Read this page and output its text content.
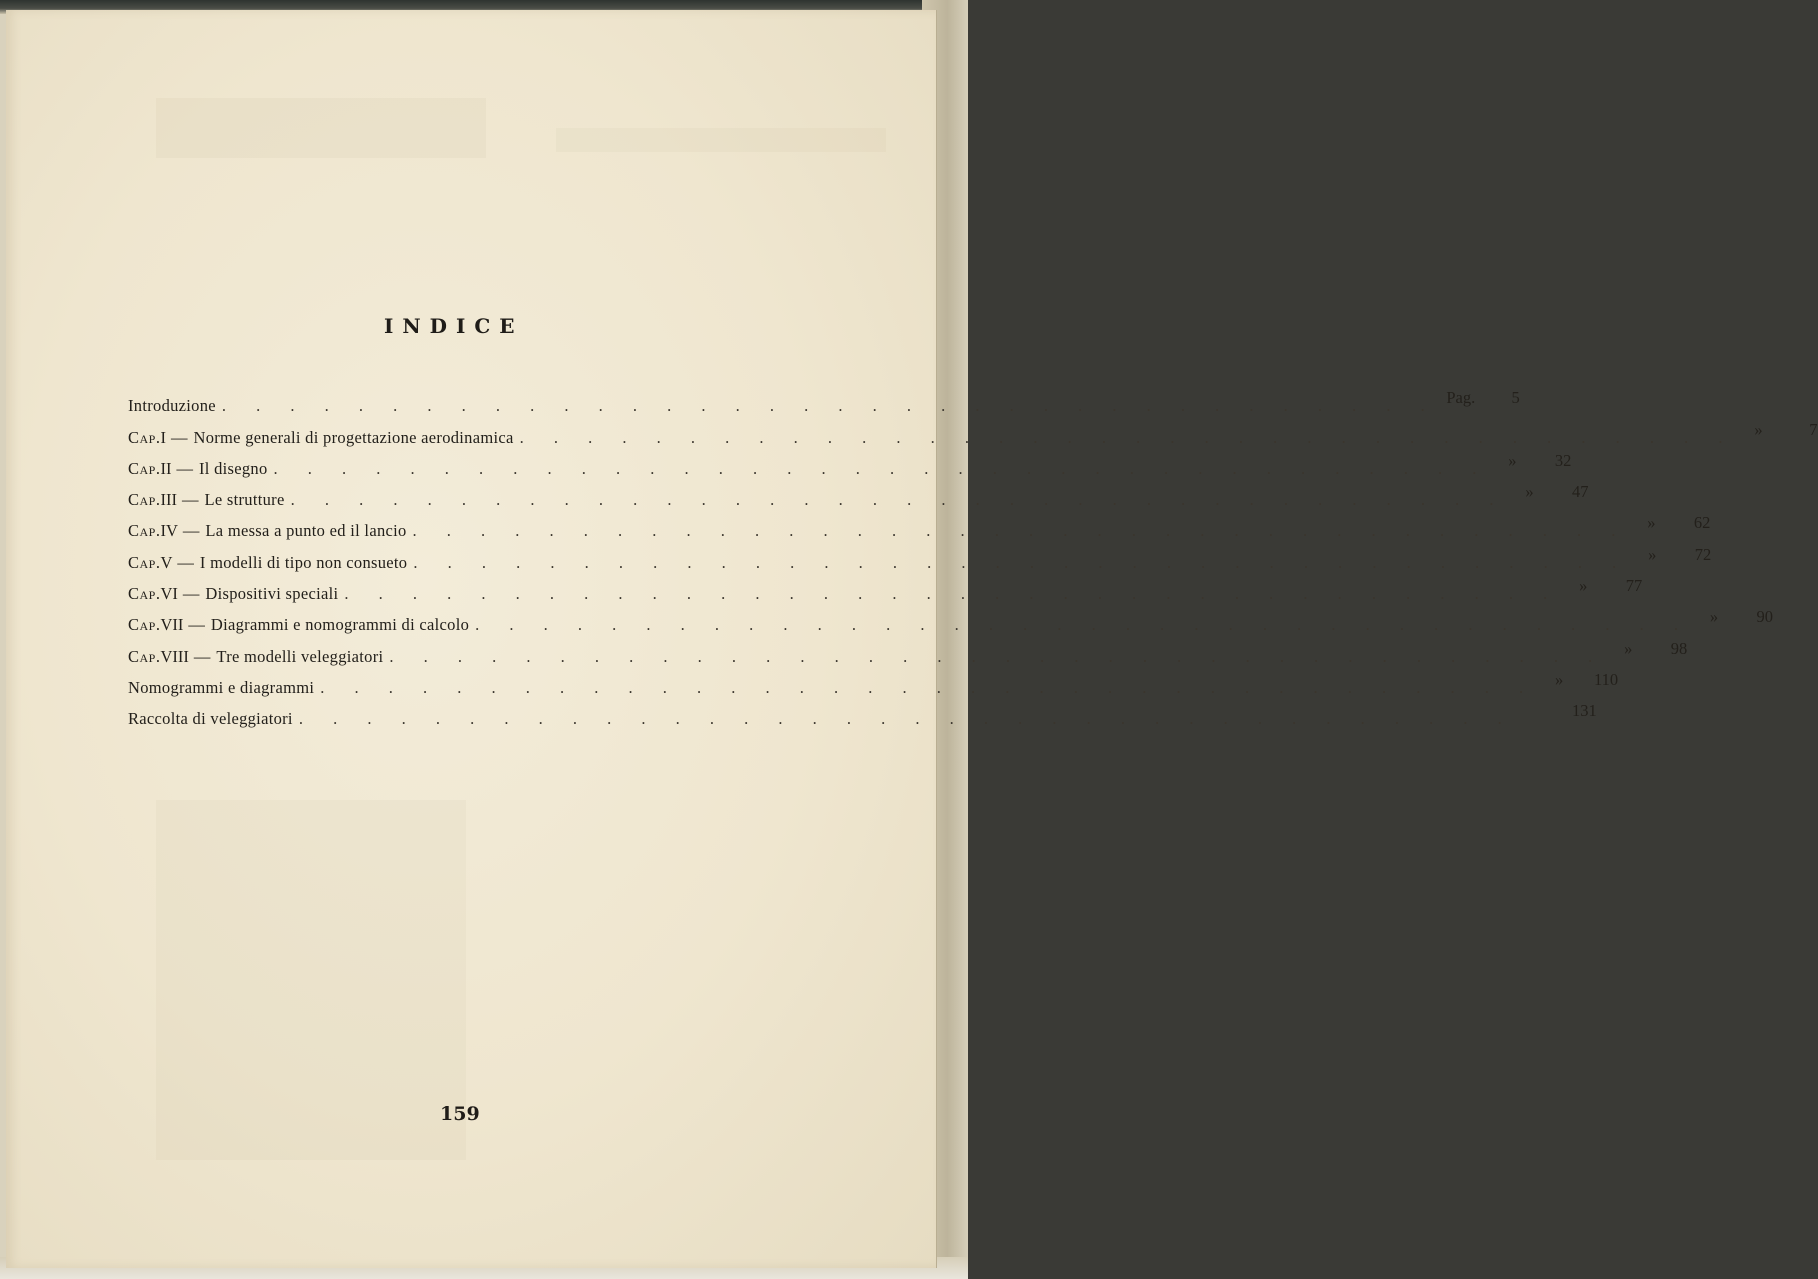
INDICE
Introduzione . . . . . . . . . . . . . . . . . . . . . . . . . . . . . . . . . . . . Pag.	5
Cap. I — Norme generali di progettazione aerodinamica . . . . . . . . . . . . . . . . . . . . . . . . . . . . . . . . . . . .	»	7
Cap. II — Il disegno . . . . . . . . . . . . . . . . . . . . . . . . . . . . . . . . . . . .	»	32
Cap. III — Le strutture . . . . . . . . . . . . . . . . . . . . . . . . . . . . . . . . . . . .	»	47
Cap. IV — La messa a punto ed il lancio . . . . . . . . . . . . . . . . . . . . . . . . . . . . . . . . . . . .	»	62
Cap. V — I modelli di tipo non consueto . . . . . . . . . . . . . . . . . . . . . . . . . . . . . . . . . . . .	»	72
Cap. VI — Dispositivi speciali . . . . . . . . . . . . . . . . . . . . . . . . . . . . . . . . . . . .	»	77
Cap. VII — Diagrammi e nomogrammi di calcolo . . . . . . . . . . . . . . . . . . . . . . . . . . . . . . . . . . . .	»	90
Cap. VIII — Tre modelli veleggiatori . . . . . . . . . . . . . . . . . . . . . . . . . . . . . . . . . . . .	»	98
Nomogrammi e diagrammi . . . . . . . . . . . . . . . . . . . . . . . . . . . . . . . . . . . .	»	110
Raccolta di veleggiatori . . . . . . . . . . . . . . . . . . . . . . . . . . . . . . . . . . . .	131
159
